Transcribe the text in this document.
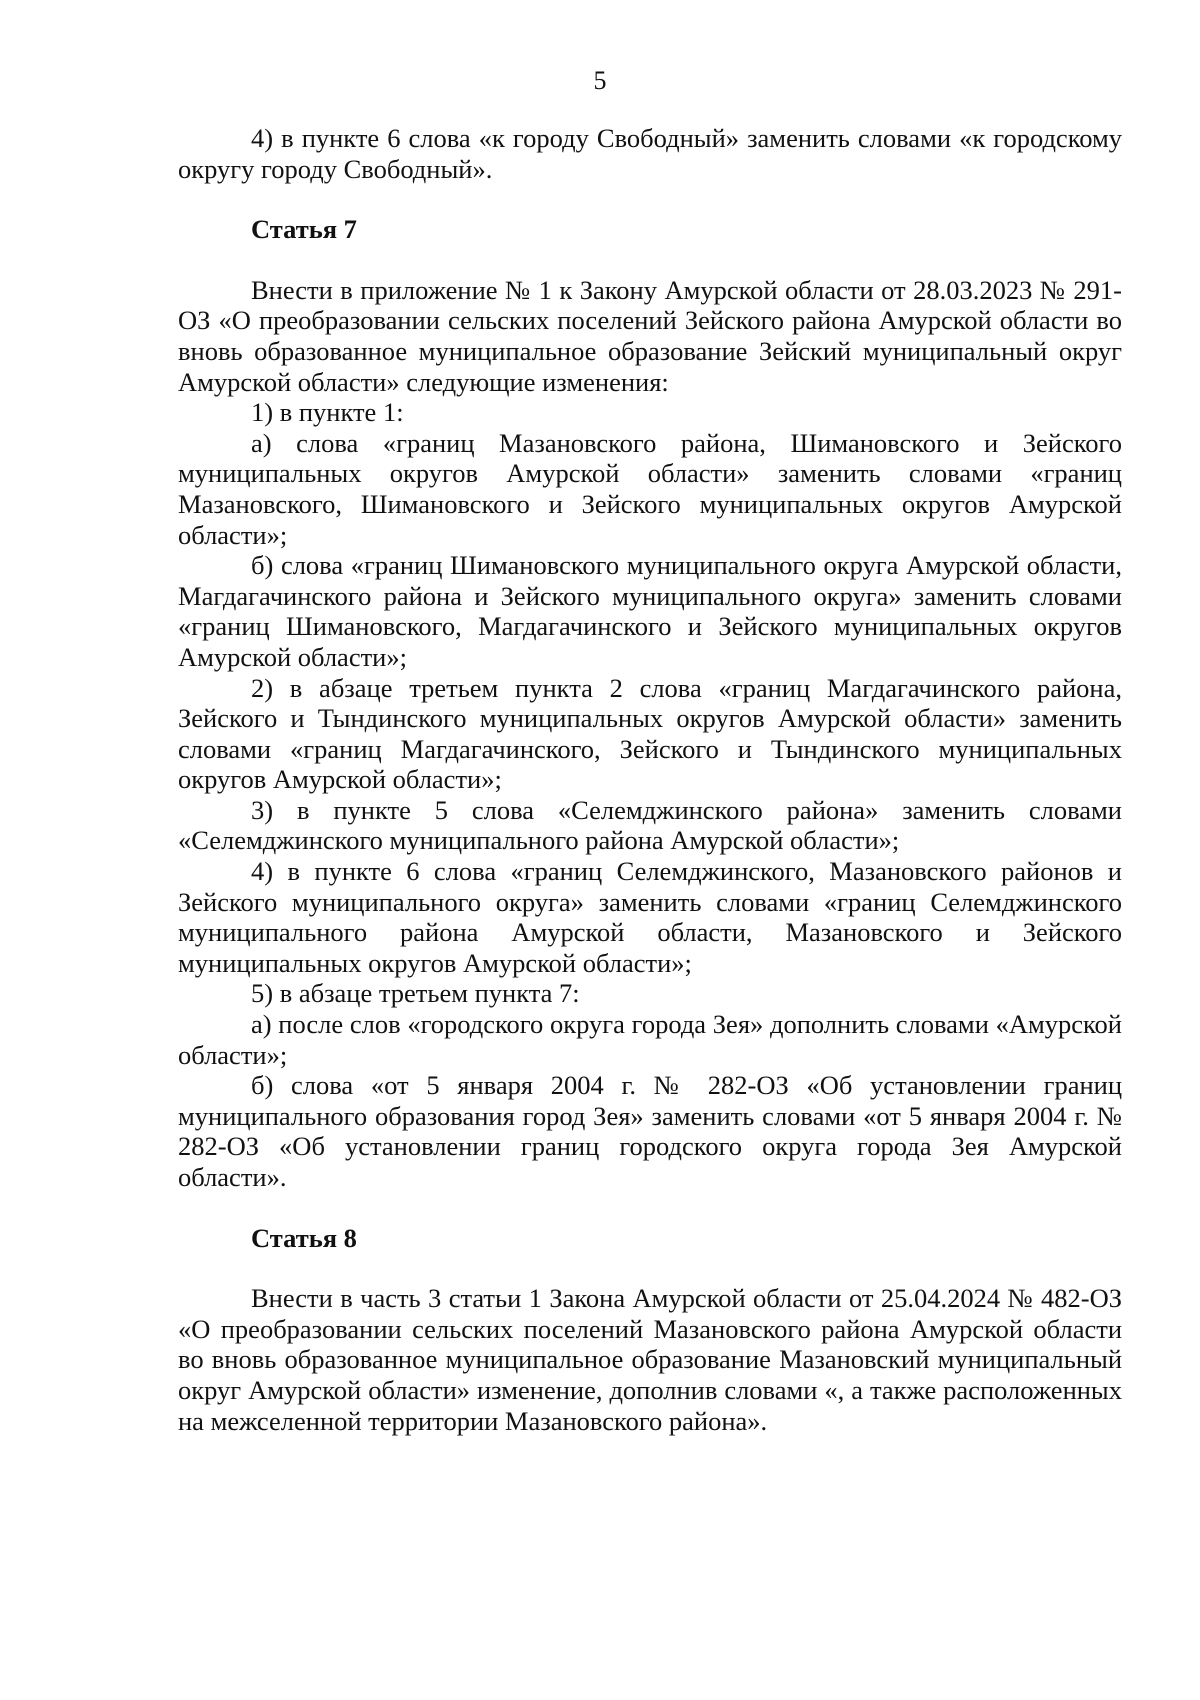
5

4) в пункте 6 слова «к городу Свободный» заменить словами «к городскому округу городу Свободный».

Статья 7

Внести в приложение № 1 к Закону Амурской области от 28.03.2023 № 291-ОЗ «О преобразовании сельских поселений Зейского района Амурской области во вновь образованное муниципальное образование Зейский муниципальный округ Амурской области» следующие изменения:

1) в пункте 1:

а) слова «границ Мазановского района, Шимановского и Зейского муниципальных округов Амурской области» заменить словами «границ Мазановского, Шимановского и Зейского муниципальных округов Амурской области»;

б) слова «границ Шимановского муниципального округа Амурской области, Магдагачинского района и Зейского муниципального округа» заменить словами «границ Шимановского, Магдагачинского и Зейского муниципальных округов Амурской области»;

2) в абзаце третьем пункта 2 слова «границ Магдагачинского района, Зейского и Тындинского муниципальных округов Амурской области» заменить словами «границ Магдагачинского, Зейского и Тындинского муниципальных округов Амурской области»;

3) в пункте 5 слова «Селемджинского района» заменить словами «Селемджинского муниципального района Амурской области»;

4) в пункте 6 слова «границ Селемджинского, Мазановского районов и Зейского муниципального округа» заменить словами «границ Селемджинского муниципального района Амурской области, Мазановского и Зейского муниципальных округов Амурской области»;

5) в абзаце третьем пункта 7:

а) после слов «городского округа города Зея» дополнить словами «Амурской области»;

б) слова «от 5 января 2004 г. № 282-ОЗ «Об установлении границ муниципального образования город Зея» заменить словами «от 5 января 2004 г. № 282-ОЗ «Об установлении границ городского округа города Зея Амурской области».

Статья 8

Внести в часть 3 статьи 1 Закона Амурской области от 25.04.2024 № 482-ОЗ «О преобразовании сельских поселений Мазановского района Амурской области во вновь образованное муниципальное образование Мазановский муниципальный округ Амурской области» изменение, дополнив словами «, а также расположенных на межселенной территории Мазановского района».
